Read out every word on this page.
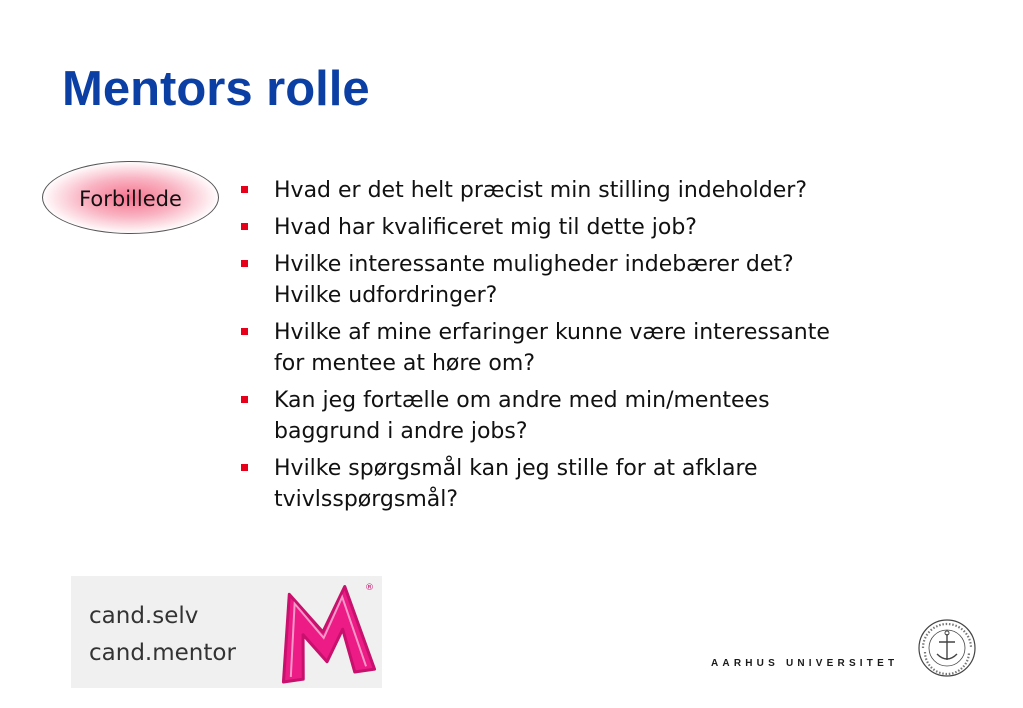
Mentors rolle
Forbillede	Hvad er det helt præcist min stilling indeholder?
Hvad har kvalificeret mig til dette job?
Hvilke interessante muligheder indebærer det?
Hvilke udfordringer?
Hvilke af mine erfaringer kunne være interessante
for mentee at høre om?
Kan jeg fortælle om andre med min/mentees
baggrund i andre jobs?
Hvilke spørgsmål kan jeg stille for at afklare
tvivlsspørgsmål?
cand.selv
cand.mentor
®
AARHUS UNIVERSITET
